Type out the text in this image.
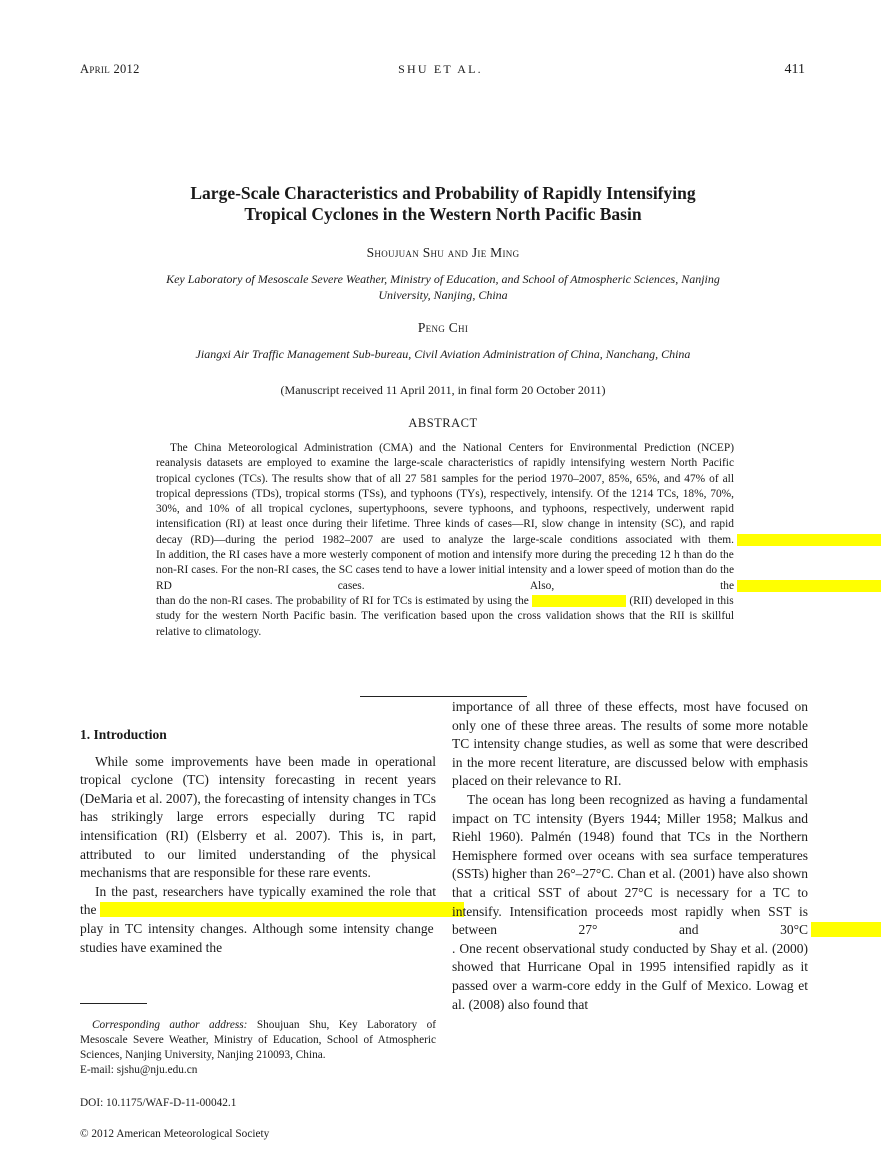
April 2012	SHU ET AL.	411
Large-Scale Characteristics and Probability of Rapidly Intensifying
Tropical Cyclones in the Western North Pacific Basin
Shoujuan Shu and Jie Ming
Key Laboratory of Mesoscale Severe Weather, Ministry of Education, and School of Atmospheric Sciences, Nanjing University, Nanjing, China
Peng Chi
Jiangxi Air Traffic Management Sub-bureau, Civil Aviation Administration of China, Nanchang, China
(Manuscript received 11 April 2011, in final form 20 October 2011)
ABSTRACT
The China Meteorological Administration (CMA) and the National Centers for Environmental Prediction (NCEP) reanalysis datasets are employed to examine the large-scale characteristics of rapidly intensifying western North Pacific tropical cyclones (TCs). The results show that of all 27 581 samples for the period 1970–2007, 85%, 65%, and 47% of all tropical depressions (TDs), tropical storms (TSs), and typhoons (TYs), respectively, intensify. Of the 1214 TCs, 18%, 70%, 30%, and 10% of all tropical cyclones, supertyphoons, severe typhoons, and typhoons, respectively, underwent rapid intensification (RI) at least once during their lifetime. Three kinds of cases—RI, slow change in intensity (SC), and rapid decay (RD)—during the period 1982–2007 are used to analyze the large-scale conditions associated with them.                                                                                                                      In addition, the RI cases have a more westerly component of motion and intensify more during the preceding 12 h than do the non-RI cases. For the non-RI cases, the SC cases tend to have a lower initial intensity and a lower speed of motion than do the RD cases. Also, the                                                                                                                                                                                   than do the non-RI cases. The probability of RI for TCs is estimated by using the	(RII) developed in this study for the western North Pacific basin. The verification based upon the cross validation shows that the RII is skillful relative to climatology.
1. Introduction

While some improvements have been made in operational tropical cyclone (TC) intensity forecasting in recent years (DeMaria et al. 2007), the forecasting of intensity changes in TCs has strikingly large errors especially during TC rapid intensification (RI) (Elsberry et al. 2007). This is, in part, attributed to our limited understanding of the physical mechanisms that are responsible for these rare events.

In the past, researchers have typically examined the role that the                                                                                                              play in TC intensity changes. Although some intensity change studies have examined the

importance of all three of these effects, most have focused on only one of these three areas. The results of some more notable TC intensity change studies, as well as some that were described in the more recent literature, are discussed below with emphasis placed on their relevance to RI.

The ocean has long been recognized as having a fundamental impact on TC intensity (Byers 1944; Miller 1958; Malkus and Riehl 1960). Palmén (1948) found that TCs in the Northern Hemisphere formed over oceans with sea surface temperatures (SSTs) higher than 26°–27°C. Chan et al. (2001) have also shown that a critical SST of about 27°C is necessary for a TC to intensify. Intensification proceeds most rapidly when SST is between 27° and 30°C                                                                                   . One recent observational study conducted by Shay et al. (2000) showed that Hurricane Opal in 1995 intensified rapidly as it passed over a warm-core eddy in the Gulf of Mexico. Lowag et al. (2008) also found that

Corresponding author address: Shoujuan Shu, Key Laboratory of Mesoscale Severe Weather, Ministry of Education, School of Atmospheric Sciences, Nanjing University, Nanjing 210093, China.
E-mail: sjshu@nju.edu.cn
DOI: 10.1175/WAF-D-11-00042.1
© 2012 American Meteorological Society
